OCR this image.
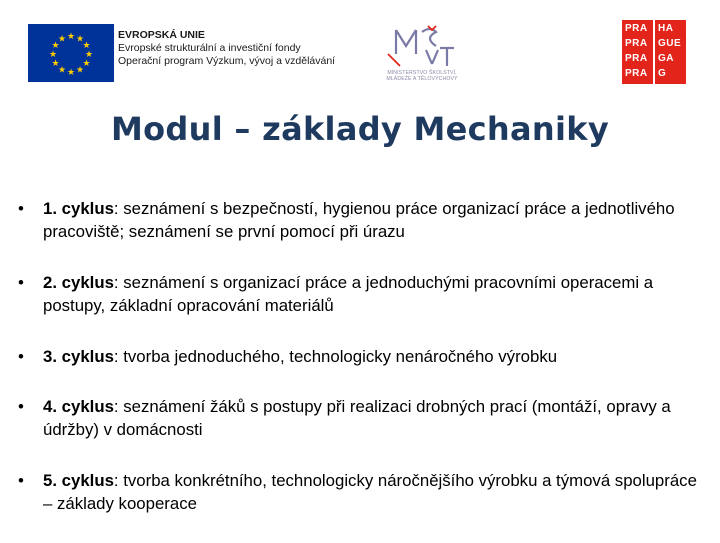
★ ★
★
★
★
★
★
★
★
★
★
★	EVROPSKÁ UNIE
Evropské strukturální a investiční fondy
Operační program Výzkum, vývoj a vzdělávání
MINISTERSTVO ŠKOLSTVÍ,
MLÁDEŽE A TĚLOVÝCHOVY
PRA
PRA
PRA
PRA
HA
GUE
GA
G
Modul – základy Mechaniky
• 1. cyklus: seznámení s bezpečností, hygienou práce organizací práce a jednotlivého pracoviště; seznámení se první pomocí při úrazu
• 2. cyklus: seznámení s organizací práce a jednoduchými pracovními operacemi a postupy, základní opracování materiálů
• 3. cyklus: tvorba jednoduchého, technologicky nenáročného výrobku
• 4. cyklus: seznámení žáků s postupy při realizaci drobných prací (montáží, opravy a údržby) v domácnosti
• 5. cyklus: tvorba konkrétního, technologicky náročnějšího výrobku a týmová spolupráce – základy kooperace
